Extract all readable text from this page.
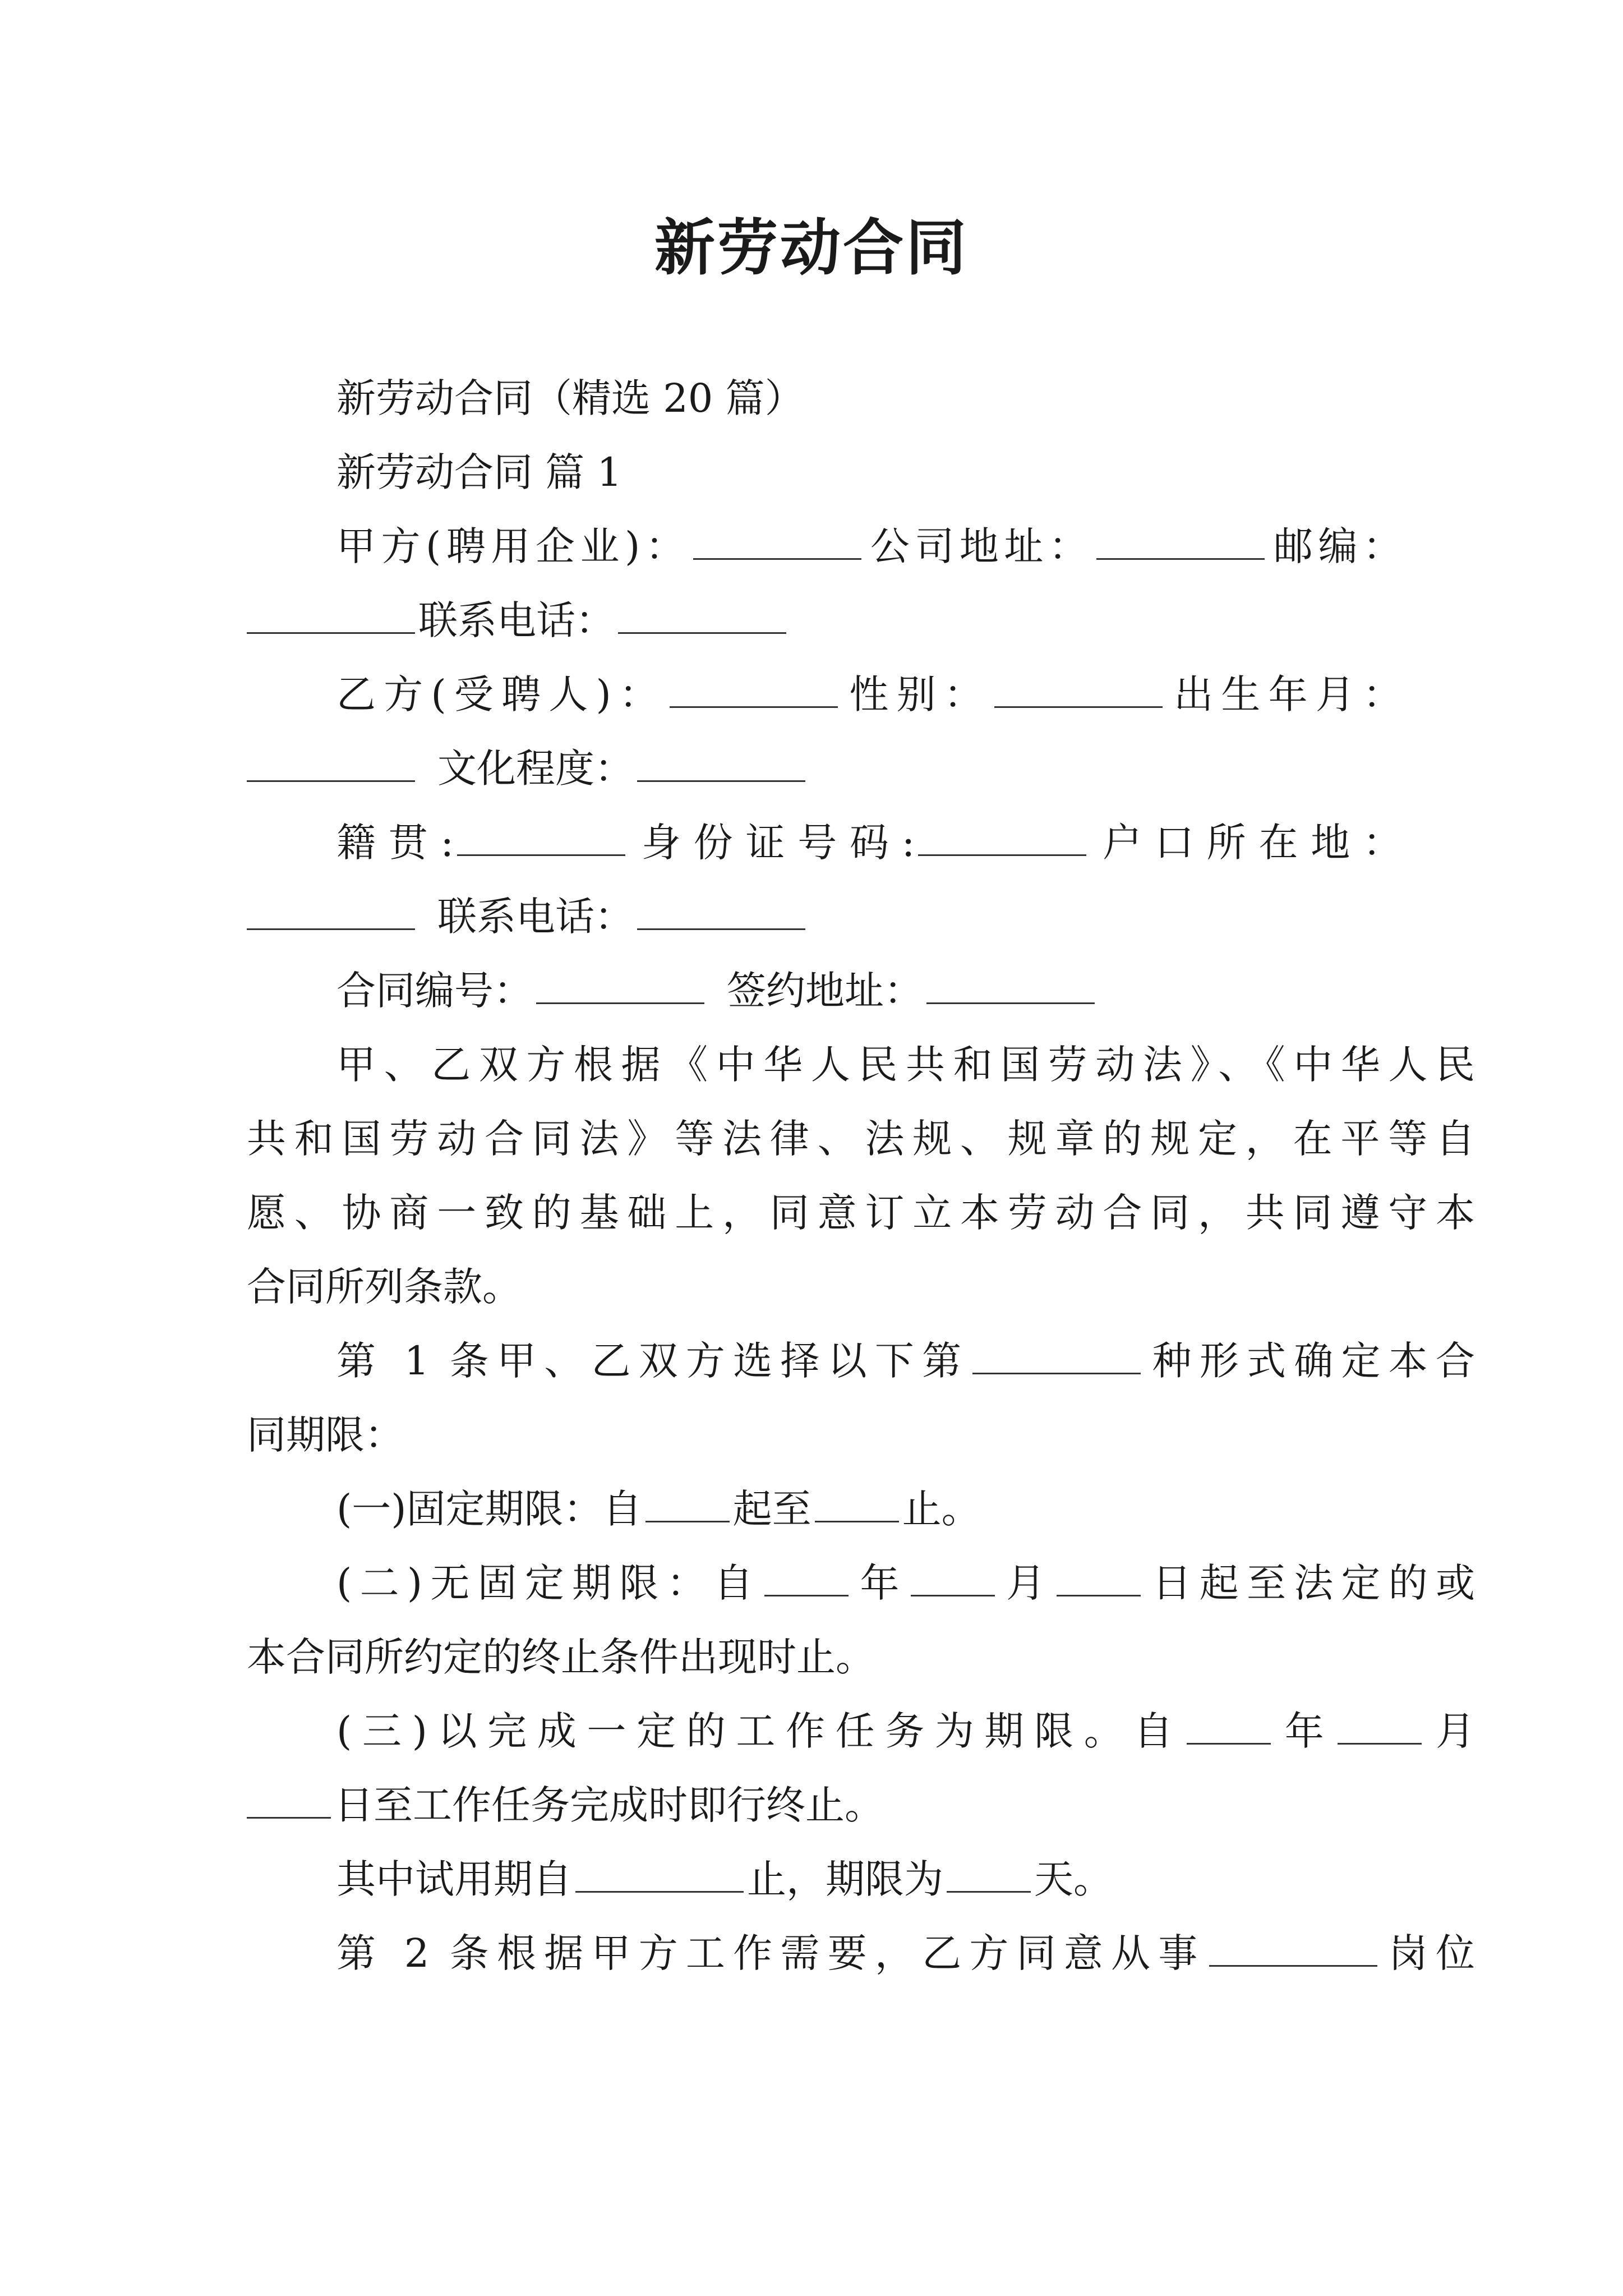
新劳动合同
新劳动合同（精选 20 篇）
新劳动合同 篇 1
甲方(聘用企业)：	公司地址：	邮编：
联系电话：
乙方(受聘人)：	性别：	出生年月：
文化程度：
籍贯:	身份证号码:	户口所在地：
联系电话：
合同编号：	签约地址：
甲、乙双方根据《中华人民共和国劳动法》、《中华人民
共和国劳动合同法》等法律、法规、规章的规定，在平等自
愿、协商一致的基础上，同意订立本劳动合同，共同遵守本
合同所列条款。
第 1 条甲、乙双方选择以下第	种形式确定本合
同期限：
(一)固定期限：自 起至 止。
(二)无固定期限：自 年 月 日起至法定的或
本合同所约定的终止条件出现时止。
(三)以完成一定的工作任务为期限。自 年 月
日至工作任务完成时即行终止。
其中试用期自	止，期限为 天。
第 2 条根据甲方工作需要，乙方同意从事	岗位
